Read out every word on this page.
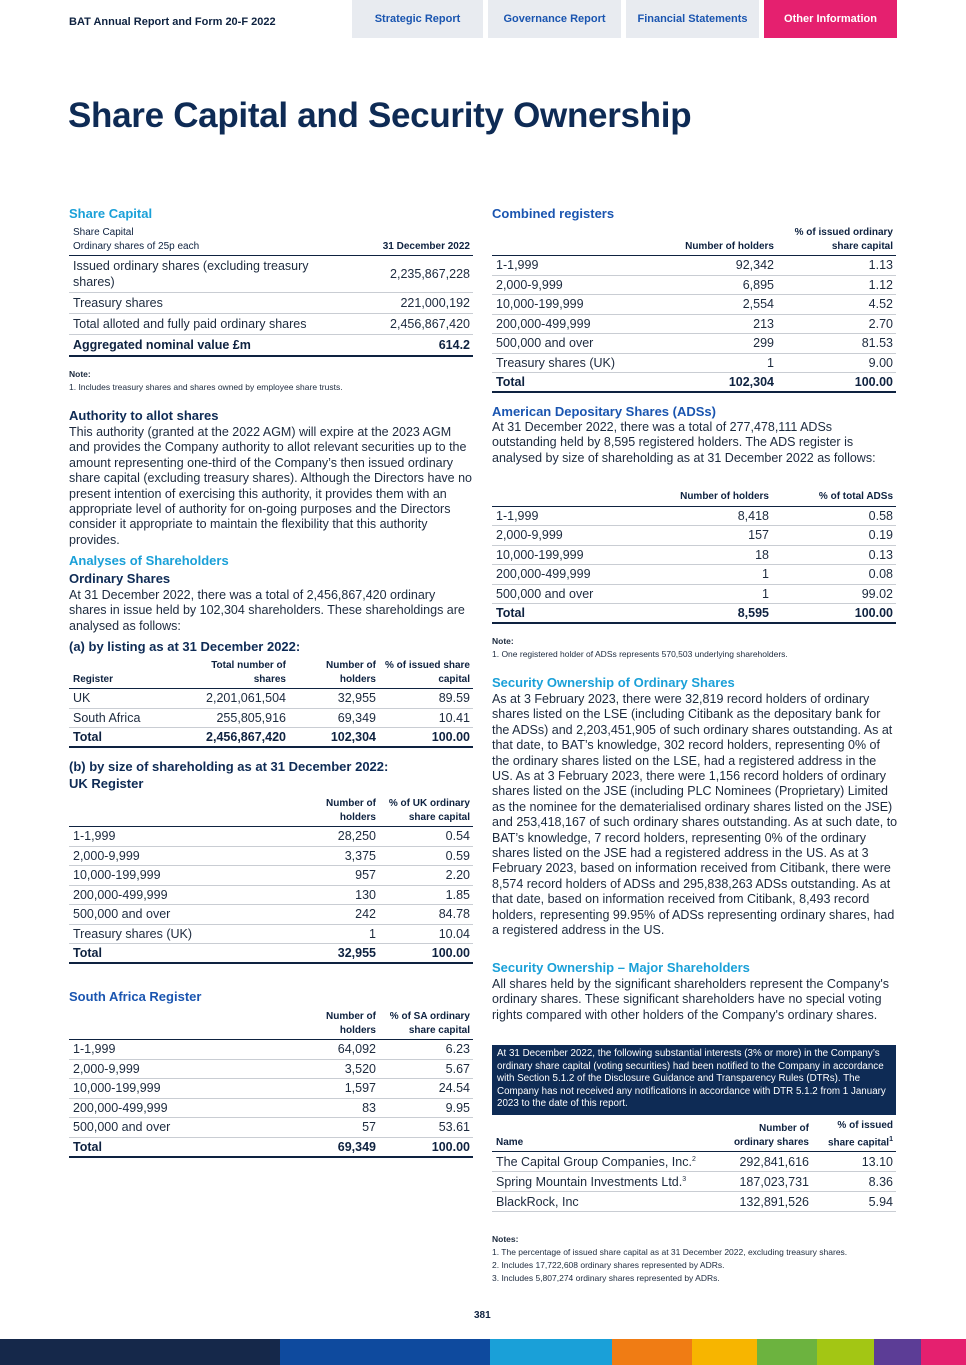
BAT Annual Report and Form 20-F 2022	Strategic Report	Governance Report	Financial Statements	Other Information
Share Capital and Security Ownership
Share Capital
Share Capital
Ordinary shares of 25p each	31 December 2022
Issued ordinary shares (excluding treasury shares)	2,235,867,228
Treasury shares	221,000,192
Total alloted and fully paid ordinary shares	2,456,867,420
Aggregated nominal value £m	614.2
Note:
1. Includes treasury shares and shares owned by employee share trusts.
Authority to allot shares
This authority (granted at the 2022 AGM) will expire at the 2023 AGM and provides the Company authority to allot relevant securities up to the amount representing one-third of the Company’s then issued ordinary share capital (excluding treasury shares). Although the Directors have no present intention of exercising this authority, it provides them with an appropriate level of authority for on-going purposes and the Directors consider it appropriate to maintain the flexibility that this authority provides.
Analyses of Shareholders
Ordinary Shares
At 31 December 2022, there was a total of 2,456,867,420 ordinary shares in issue held by 102,304 shareholders. These shareholdings are analysed as follows:
(a) by listing as at 31 December 2022:
Register	Total number of shares	Number of holders	% of issued share capital
UK	2,201,061,504	32,955	89.59
South Africa	255,805,916	69,349	10.41
Total	2,456,867,420	102,304	100.00
(b) by size of shareholding as at 31 December 2022:
UK Register
	Number of holders	% of UK ordinary share capital
1-1,999	28,250	0.54
2,000-9,999	3,375	0.59
10,000-199,999	957	2.20
200,000-499,999	130	1.85
500,000 and over	242	84.78
Treasury shares (UK)	1	10.04
Total	32,955	100.00
South Africa Register
	Number of holders	% of SA ordinary share capital
1-1,999	64,092	6.23
2,000-9,999	3,520	5.67
10,000-199,999	1,597	24.54
200,000-499,999	83	9.95
500,000 and over	57	53.61
Total	69,349	100.00
Combined registers
	Number of holders	% of issued ordinary share capital
1-1,999	92,342	1.13
2,000-9,999	6,895	1.12
10,000-199,999	2,554	4.52
200,000-499,999	213	2.70
500,000 and over	299	81.53
Treasury shares (UK)	1	9.00
Total	102,304	100.00
American Depositary Shares (ADSs)
At 31 December 2022, there was a total of 277,478,111 ADSs outstanding held by 8,595 registered holders. The ADS register is analysed by size of shareholding as at 31 December 2022 as follows:
	Number of holders	% of total ADSs
1-1,999	8,418	0.58
2,000-9,999	157	0.19
10,000-199,999	18	0.13
200,000-499,999	1	0.08
500,000 and over	1	99.02
Total	8,595	100.00
Note:
1. One registered holder of ADSs represents 570,503 underlying shareholders.
Security Ownership of Ordinary Shares
As at 3 February 2023, there were 32,819 record holders of ordinary shares listed on the LSE (including Citibank as the depositary bank for the ADSs) and 2,203,451,905 of such ordinary shares outstanding. As at that date, to BAT’s knowledge, 302 record holders, representing 0% of the ordinary shares listed on the LSE, had a registered address in the US. As at 3 February 2023, there were 1,156 record holders of ordinary shares listed on the JSE (including PLC Nominees (Proprietary) Limited as the nominee for the dematerialised ordinary shares listed on the JSE) and 253,418,167 of such ordinary shares outstanding. As at such date, to BAT’s knowledge, 7 record holders, representing 0% of the ordinary shares listed on the JSE had a registered address in the US. As at 3 February 2023, based on information received from Citibank, there were 8,574 record holders of ADSs and 295,838,263 ADSs outstanding. As at that date, based on information received from Citibank, 8,493 record holders, representing 99.95% of ADSs representing ordinary shares, had a registered address in the US.
Security Ownership – Major Shareholders
All shares held by the significant shareholders represent the Company's ordinary shares. These significant shareholders have no special voting rights compared with other holders of the Company's ordinary shares.
At 31 December 2022, the following substantial interests (3% or more) in the Company’s ordinary share capital (voting securities) had been notified to the Company in accordance with Section 5.1.2 of the Disclosure Guidance and Transparency Rules (DTRs). The Company has not received any notifications in accordance with DTR 5.1.2 from 1 January 2023 to the date of this report.
Name	Number of ordinary shares	% of issued share capital$^1$
The Capital Group Companies, Inc.$^2$	292,841,616	13.10
Spring Mountain Investments Ltd.$^3$	187,023,731	8.36
BlackRock, Inc	132,891,526	5.94
Notes:

1. The percentage of issued share capital as at 31 December 2022, excluding treasury shares.
2. Includes 17,722,608 ordinary shares represented by ADRs.
3. Includes 5,807,274 ordinary shares represented by ADRs.
381
